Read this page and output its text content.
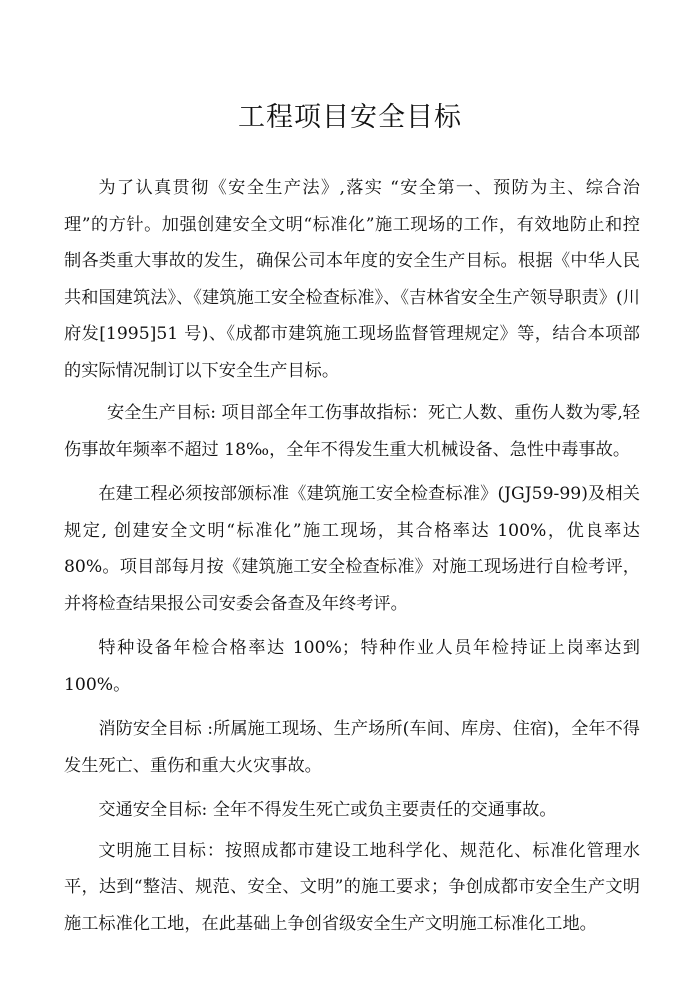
工程项目安全目标

为了认真贯彻《安全生产法》,落实 “安全第一、预防为主、综合治理”的方针。加强创建安全文明“标准化”施工现场的工作，有效地防止和控制各类重大事故的发生，确保公司本年度的安全生产目标。根据《中华人民共和国建筑法》、《建筑施工安全检查标准》、《吉林省安全生产领导职责》(川府发[1995]51 号)、《成都市建筑施工现场监督管理规定》等，结合本项部的实际情况制订以下安全生产目标。

安全生产目标: 项目部全年工伤事故指标：死亡人数、重伤人数为零,轻伤事故年频率不超过 18‰，全年不得发生重大机械设备、急性中毒事故。

在建工程必须按部颁标准《建筑施工安全检查标准》(JGJ59-99)及相关规定, 创建安全文明“标准化”施工现场，其合格率达 100%，优良率达 80%。项目部每月按《建筑施工安全检查标准》对施工现场进行自检考评，并将检查结果报公司安委会备查及年终考评。

特种设备年检合格率达 100%；特种作业人员年检持证上岗率达到 100%。

消防安全目标 :所属施工现场、生产场所(车间、库房、住宿)，全年不得发生死亡、重伤和重大火灾事故。

交通安全目标: 全年不得发生死亡或负主要责任的交通事故。

文明施工目标：按照成都市建设工地科学化、规范化、标准化管理水平，达到“整洁、规范、安全、文明”的施工要求；争创成都市安全生产文明施工标准化工地，在此基础上争创省级安全生产文明施工标准化工地。
